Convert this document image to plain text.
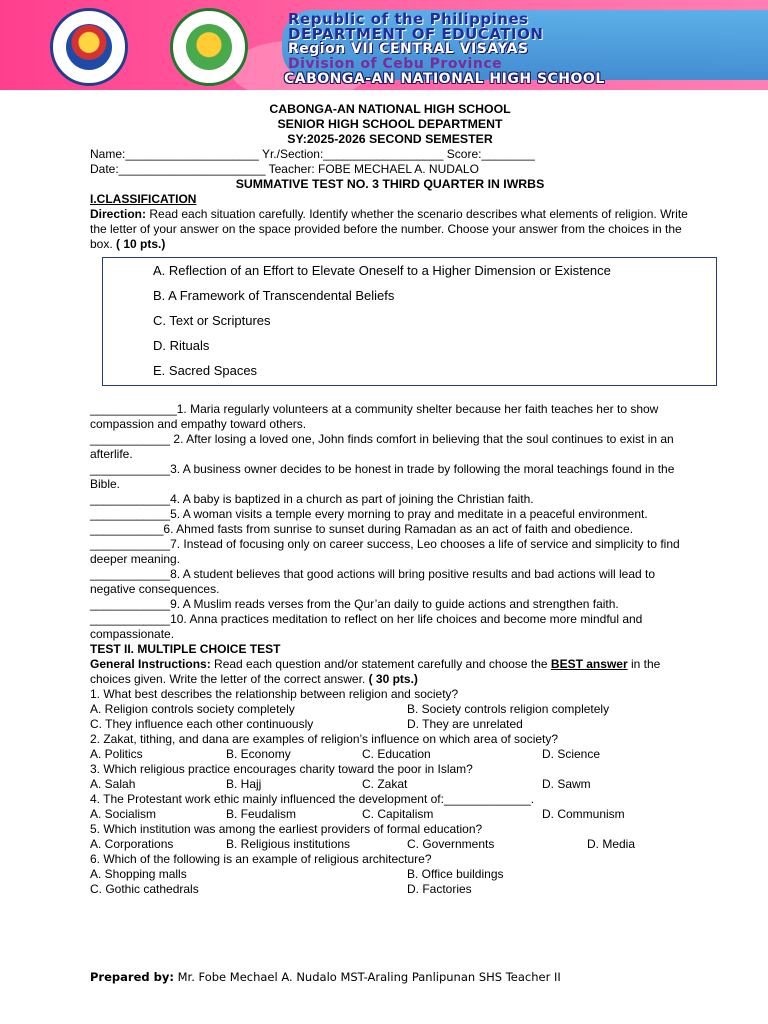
Republic of the Philippines
DEPARTMENT OF EDUCATION
Region VII CENTRAL VISAYAS
Division of Cebu Province
CABONGA-AN NATIONAL HIGH SCHOOL
CABONGA-AN NATIONAL HIGH SCHOOL
SENIOR HIGH SCHOOL DEPARTMENT
SY:2025-2026 SECOND SEMESTER
Name:____________________ Yr./Section:__________________ Score:________
Date:______________________ Teacher: FOBE MECHAEL A. NUDALO
SUMMATIVE TEST NO. 3 THIRD QUARTER IN IWRBS
I.CLASSIFICATION
Direction: Read each situation carefully. Identify whether the scenario describes what elements of religion. Write the letter of your answer on the space provided before the number. Choose your answer from the choices in the box. ( 10 pts.)
A. Reflection of an Effort to Elevate Oneself to a Higher Dimension or Existence
B. A Framework of Transcendental Beliefs
C. Text or Scriptures
D. Rituals
E. Sacred Spaces
_____________1. Maria regularly volunteers at a community shelter because her faith teaches her to show compassion and empathy toward others.
____________ 2. After losing a loved one, John finds comfort in believing that the soul continues to exist in an afterlife.
____________3. A business owner decides to be honest in trade by following the moral teachings found in the Bible.
____________4. A baby is baptized in a church as part of joining the Christian faith.
____________5. A woman visits a temple every morning to pray and meditate in a peaceful environment.
___________6. Ahmed fasts from sunrise to sunset during Ramadan as an act of faith and obedience.
____________7. Instead of focusing only on career success, Leo chooses a life of service and simplicity to find deeper meaning.
____________8. A student believes that good actions will bring positive results and bad actions will lead to negative consequences.
____________9. A Muslim reads verses from the Qur’an daily to guide actions and strengthen faith.
____________10. Anna practices meditation to reflect on her life choices and become more mindful and compassionate.
TEST II. MULTIPLE CHOICE TEST
General Instructions: Read each question and/or statement carefully and choose the BEST answer in the choices given. Write the letter of the correct answer. ( 30 pts.)
1. What best describes the relationship between religion and society?
A. Religion controls society completely	B. Society controls religion completely
C. They influence each other continuously	D. They are unrelated
2. Zakat, tithing, and dana are examples of religion’s influence on which area of society?
A. Politics	B. Economy	C. Education	D. Science
3. Which religious practice encourages charity toward the poor in Islam?
A. Salah	B. Hajj	C. Zakat	D. Sawm
4. The Protestant work ethic mainly influenced the development of:_____________.
A. Socialism	B. Feudalism	C. Capitalism	D. Communism
5. Which institution was among the earliest providers of formal education?
A. Corporations	B. Religious institutions	C. Governments	D. Media
6. Which of the following is an example of religious architecture?
A. Shopping malls	B. Office buildings
C. Gothic cathedrals	D. Factories
Prepared by: Mr. Fobe Mechael A. Nudalo MST-Araling Panlipunan SHS Teacher II
